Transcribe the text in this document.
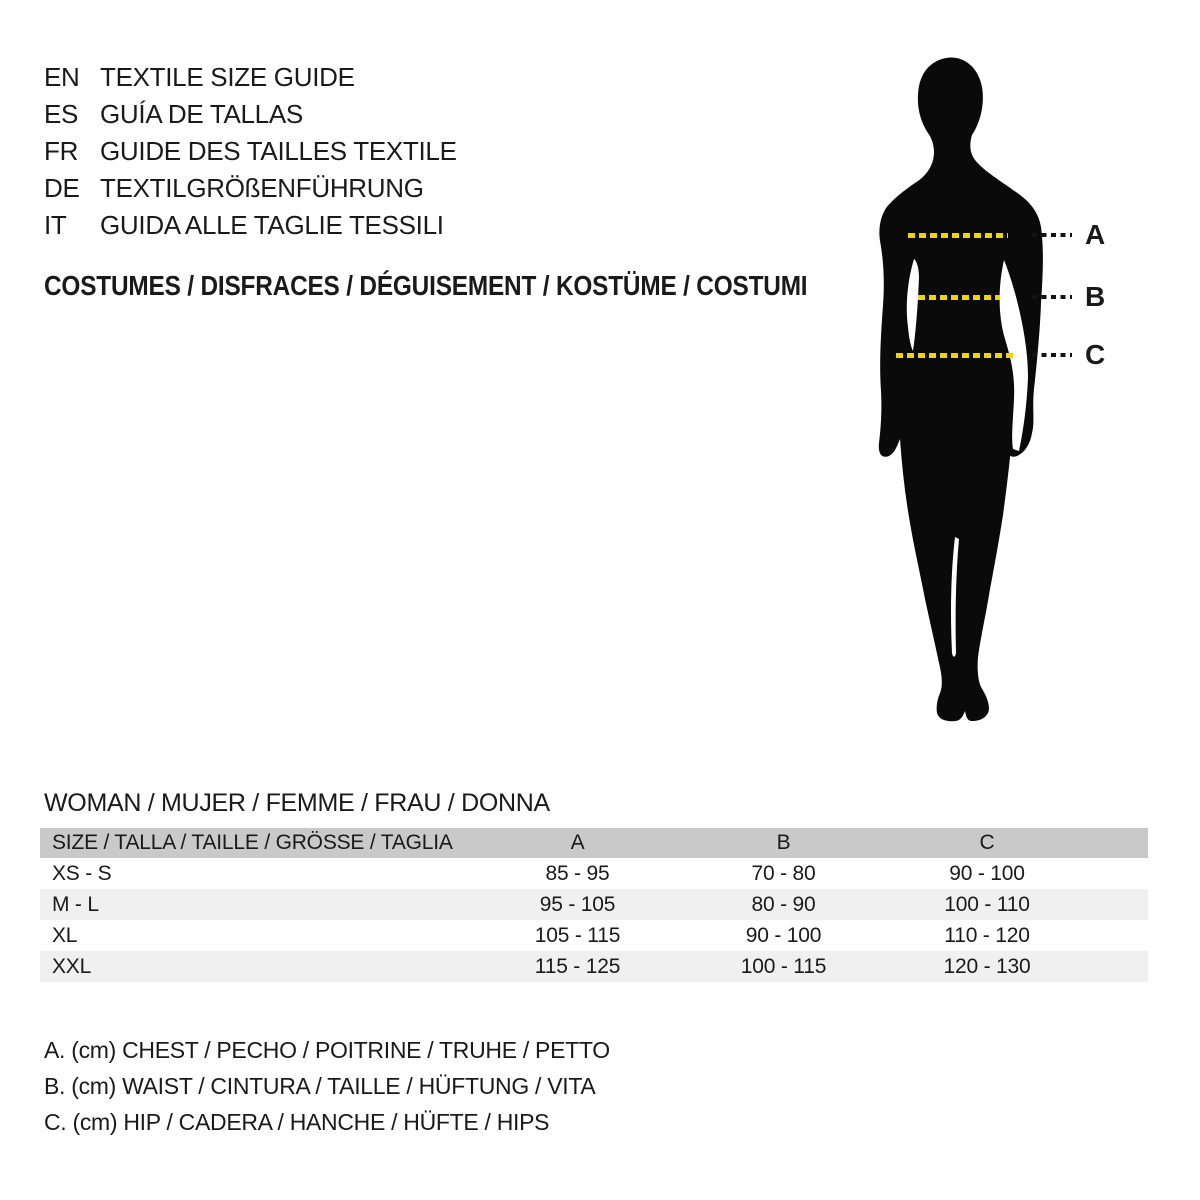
EN TEXTILE SIZE GUIDE
ES GUÍA DE TALLAS
FR GUIDE DES TAILLES TEXTILE
DE TEXTILGRÖßENFÜHRUNG
IT	GUIDA ALLE TAGLIE TESSILI
COSTUMES / DISFRACES / DÉGUISEMENT / KOSTÜME / COSTUMI
A
B
C
WOMAN / MUJER / FEMME / FRAU / DONNA
SIZE / TALLA / TAILLE / GRÖSSE / TAGLIA	A	B	C	
XS - S	85 - 95	70 - 80	90 - 100	
M - L	95 - 105	80 - 90	100 - 110	
XL	105 - 115	90 - 100	110 - 120	
XXL	115 - 125	100 - 115	120 - 130	
A. (cm) CHEST / PECHO / POITRINE / TRUHE / PETTO
B. (cm) WAIST / CINTURA / TAILLE / HÜFTUNG / VITA
C. (cm) HIP / CADERA / HANCHE / HÜFTE / HIPS
